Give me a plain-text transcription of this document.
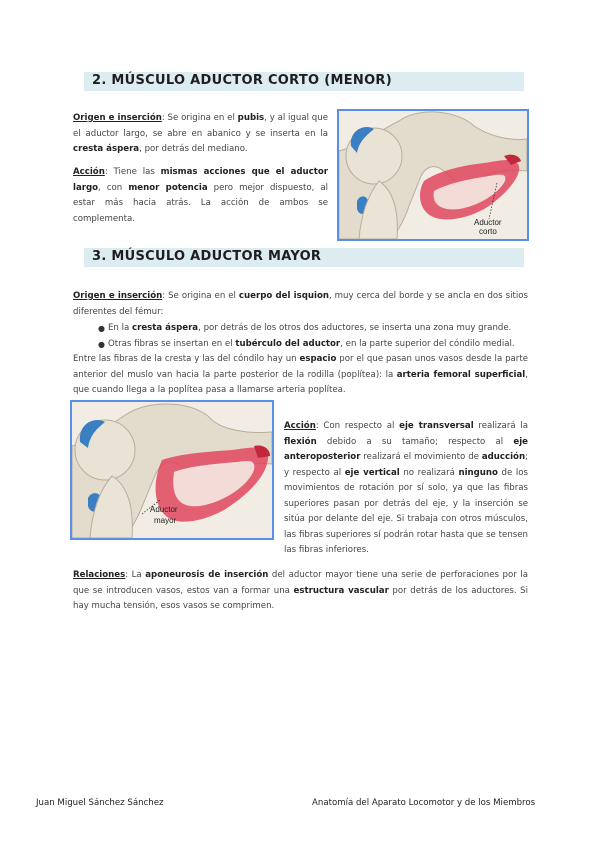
2. MÚSCULO ADUCTOR CORTO (MENOR)
Origen e inserción: Se origina en el pubis, y al igual que el aductor largo, se abre en abanico y se inserta en la cresta áspera, por detrás del mediano.
Acción: Tiene las mismas acciones que el aductor largo, con menor potencia pero mejor dispuesto, al estar más hacia atrás. La acción de ambos se complementa.	Aductor
corto
3. MÚSCULO ADUCTOR MAYOR
Origen e inserción: Se origina en el cuerpo del isquion, muy cerca del borde y se ancla en dos sitios diferentes del fémur:
● En la cresta áspera, por detrás de los otros dos aductores, se inserta una zona muy grande.
● Otras fibras se insertan en el tubérculo del aductor, en la parte superior del cóndilo medial.
Entre las fibras de la cresta y las del cóndilo hay un espacio por el que pasan unos vasos desde la parte anterior del muslo van hacia la parte posterior de la rodilla (poplítea): la arteria femoral superficial, que cuando llega a la poplítea pasa a llamarse arteria poplítea.
Aductor
mayor
Acción: Con respecto al eje transversal realizará la flexión debido a su tamaño; respecto al eje anteroposterior realizará el movimiento de aducción; y respecto al eje vertical no realizará ninguno de los movimientos de rotación por sí solo, ya que las fibras superiores pasan por detrás del eje, y la inserción se sitúa por delante del eje. Si trabaja con otros músculos, las fibras superiores sí podrán rotar hasta que se tensen las fibras inferiores.
Relaciones: La aponeurosis de inserción del aductor mayor tiene una serie de perforaciones por la que se introducen vasos, estos van a formar una estructura vascular por detrás de los aductores. Si hay mucha tensión, esos vasos se comprimen.
Juan Miguel Sánchez Sánchez	Anatomía del Aparato Locomotor y de los Miembros
